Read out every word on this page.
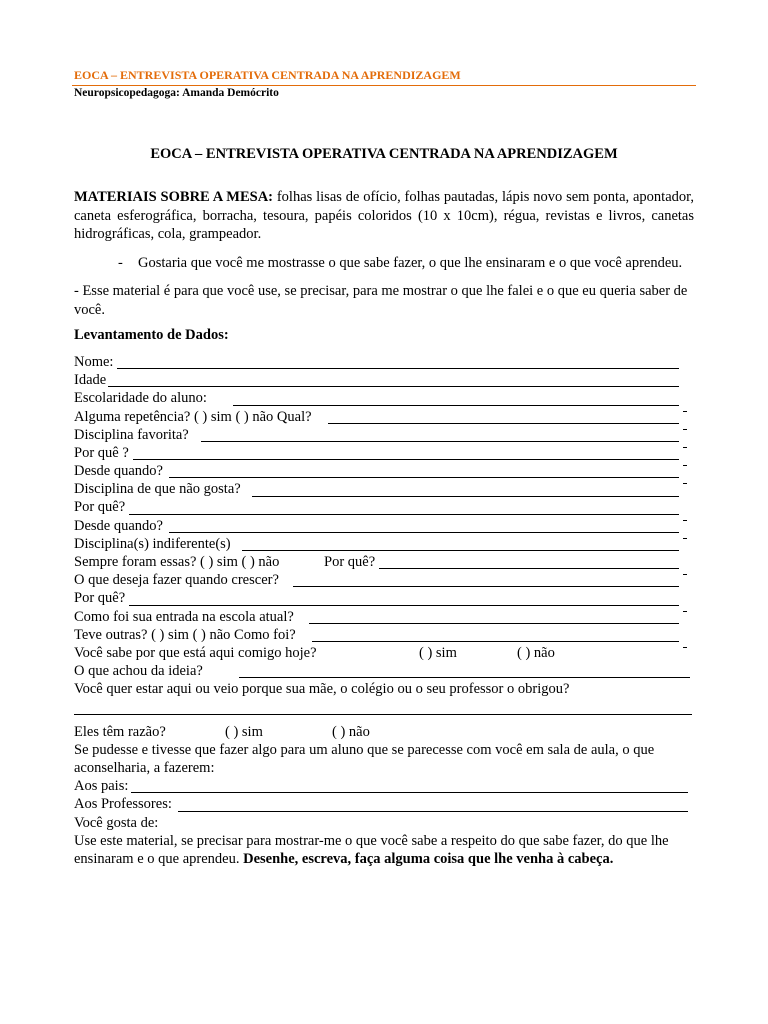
EOCA – ENTREVISTA OPERATIVA CENTRADA NA APRENDIZAGEM
Neuropsicopedagoga: Amanda Demócrito
EOCA – ENTREVISTA OPERATIVA CENTRADA NA APRENDIZAGEM
MATERIAIS SOBRE A MESA: folhas lisas de ofício, folhas pautadas, lápis novo sem ponta, apontador, caneta esferográfica, borracha, tesoura, papéis coloridos (10 x 10cm), régua, revistas e livros, canetas hidrográficas, cola, grampeador.
- Gostaria que você me mostrasse o que sabe fazer, o que lhe ensinaram e o que você aprendeu.
- Esse material é para que você use, se precisar, para me mostrar o que lhe falei e o que eu queria saber de você.
Levantamento de Dados:
Nome:
Idade
Escolaridade do aluno:
Alguma repetência? ( ) sim ( ) não Qual?
Disciplina favorita?
Por quê ?
Desde quando?
Disciplina de que não gosta?
Por quê?
Desde quando?
Disciplina(s) indiferente(s)
Sempre foram essas? ( ) sim ( ) não	Por quê?
O que deseja fazer quando crescer?
Por quê?
Como foi sua entrada na escola atual?
Teve outras? ( ) sim ( ) não Como foi?
Você sabe por que está aqui comigo hoje?	( ) sim	( ) não
O que achou da ideia?
Você quer estar aqui ou veio porque sua mãe, o colégio ou o seu professor o obrigou?
Eles têm razão?	( ) sim	( ) não
Se pudesse e tivesse que fazer algo para um aluno que se parecesse com você em sala de aula, o que aconselharia, a fazerem:
Aos pais:
Aos Professores:
Você gosta de:
Use este material, se precisar para mostrar-me o que você sabe a respeito do que sabe fazer, do que lhe ensinaram e o que aprendeu. Desenhe, escreva, faça alguma coisa que lhe venha à cabeça.
